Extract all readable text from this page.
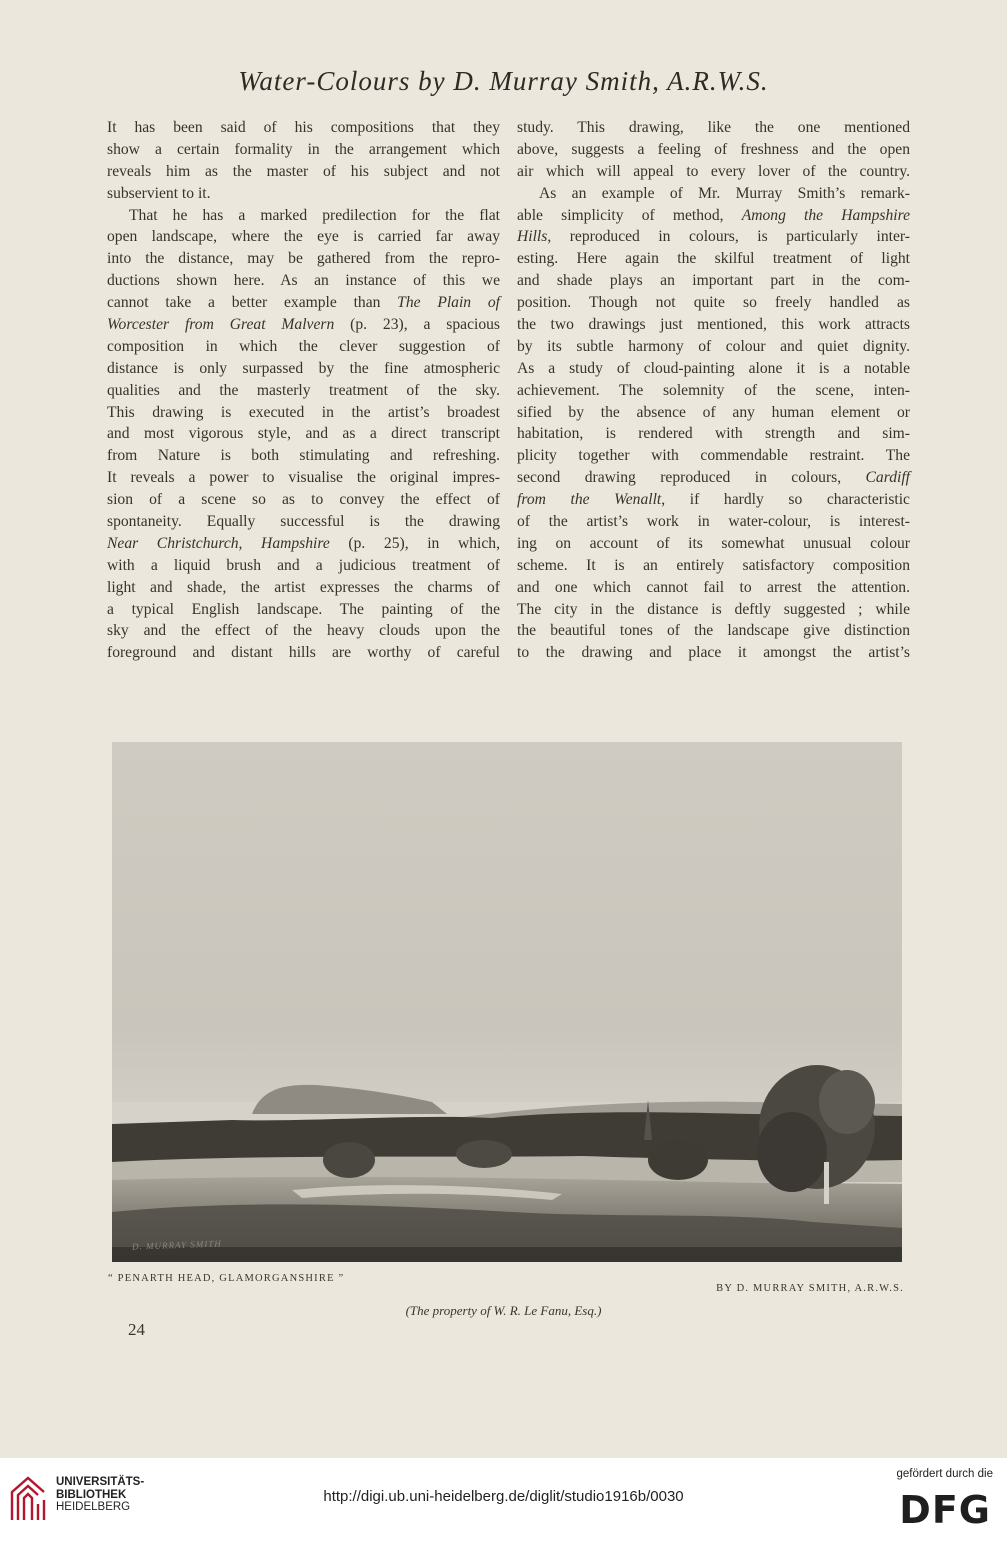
Water-Colours by D. Murray Smith, A.R.W.S.
It has been said of his compositions that they
show a certain formality in the arrangement which
reveals him as the master of his subject and not
subservient to it.
That he has a marked predilection for the flat
open landscape, where the eye is carried far away
into the distance, may be gathered from the repro-
ductions shown here. As an instance of this we
cannot take a better example than The Plain of
Worcester from Great Malvern (p. 23), a spacious
composition in which the clever suggestion of
distance is only surpassed by the fine atmospheric
qualities and the masterly treatment of the sky.
This drawing is executed in the artist’s broadest
and most vigorous style, and as a direct transcript
from Nature is both stimulating and refreshing.
It reveals a power to visualise the original impres-
sion of a scene so as to convey the effect of
spontaneity. Equally successful is the drawing
Near Christchurch, Hampshire (p. 25), in which,
with a liquid brush and a judicious treatment of
light and shade, the artist expresses the charms of
a typical English landscape. The painting of the
sky and the effect of the heavy clouds upon the
foreground and distant hills are worthy of careful
study. This drawing, like the one mentioned
above, suggests a feeling of freshness and the open
air which will appeal to every lover of the country.
As an example of Mr. Murray Smith’s remark-
able simplicity of method, Among the Hampshire
Hills, reproduced in colours, is particularly inter-
esting. Here again the skilful treatment of light
and shade plays an important part in the com-
position. Though not quite so freely handled as
the two drawings just mentioned, this work attracts
by its subtle harmony of colour and quiet dignity.
As a study of cloud-painting alone it is a notable
achievement. The solemnity of the scene, inten-
sified by the absence of any human element or
habitation, is rendered with strength and sim-
plicity together with commendable restraint. The
second drawing reproduced in colours, Cardiff
from the Wenallt, if hardly so characteristic
of the artist’s work in water-colour, is interest-
ing on account of its somewhat unusual colour
scheme. It is an entirely satisfactory composition
and one which cannot fail to arrest the attention.
The city in the distance is deftly suggested ; while
the beautiful tones of the landscape give distinction
to the drawing and place it amongst the artist’s
D. MURRAY SMITH
“ PENARTH HEAD, GLAMORGANSHIRE ”
BY D. MURRAY SMITH, A.R.W.S.
(The property of W. R. Le Fanu, Esq.)
24
UNIVERSITÄTS-
BIBLIOTHEK
HEIDELBERG
http://digi.ub.uni-heidelberg.de/diglit/studio1916b/0030
gefördert durch die
DFG
